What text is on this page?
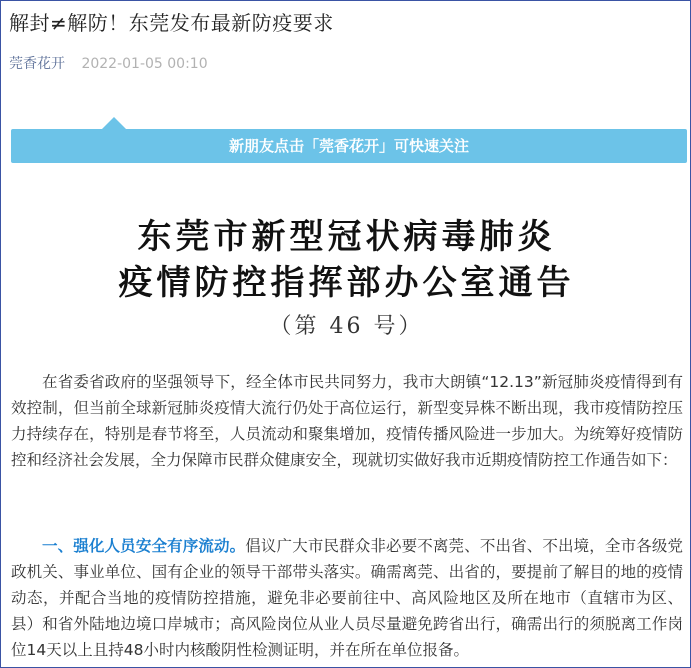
解封≠解防！东莞发布最新防疫要求
莞香花开 2022-01-05 00:10
新朋友点击「莞香花开」可快速关注
东莞市新型冠状病毒肺炎
疫情防控指挥部办公室通告
（第 46 号）
在省委省政府的坚强领导下，经全体市民共同努力，我市大朗镇“12.13”新冠肺炎疫情得到有效控制，但当前全球新冠肺炎疫情大流行仍处于高位运行，新型变异株不断出现，我市疫情防控压力持续存在，特别是春节将至，人员流动和聚集增加，疫情传播风险进一步加大。为统筹好疫情防控和经济社会发展，全力保障市民群众健康安全，现就切实做好我市近期疫情防控工作通告如下：
一、强化人员安全有序流动。倡议广大市民群众非必要不离莞、不出省、不出境，全市各级党政机关、事业单位、国有企业的领导干部带头落实。确需离莞、出省的，要提前了解目的地的疫情动态，并配合当地的疫情防控措施，避免非必要前往中、高风险地区及所在地市（直辖市为区、县）和省外陆地边境口岸城市；高风险岗位从业人员尽量避免跨省出行，确需出行的须脱离工作岗位14天以上且持48小时内核酸阴性检测证明，并在所在单位报备。
